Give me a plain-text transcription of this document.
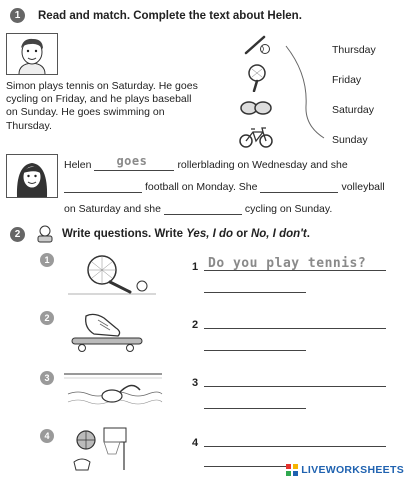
1	Read and match. Complete the text about Helen.
Simon plays tennis on Saturday. He goes cycling on Friday, and he plays baseball on Sunday. He goes swimming on Thursday.
Thursday
Friday
Saturday
Sunday
Helen goes	rollerblading on Wednesday and she
football on Monday. She	volleyball
on Saturday and she	cycling on Sunday.
2	Write questions. Write Yes, I do or No, I don't.
1
1 Do you play tennis?
2
2
3	3
4
4
LIVEWORKSHEETS
